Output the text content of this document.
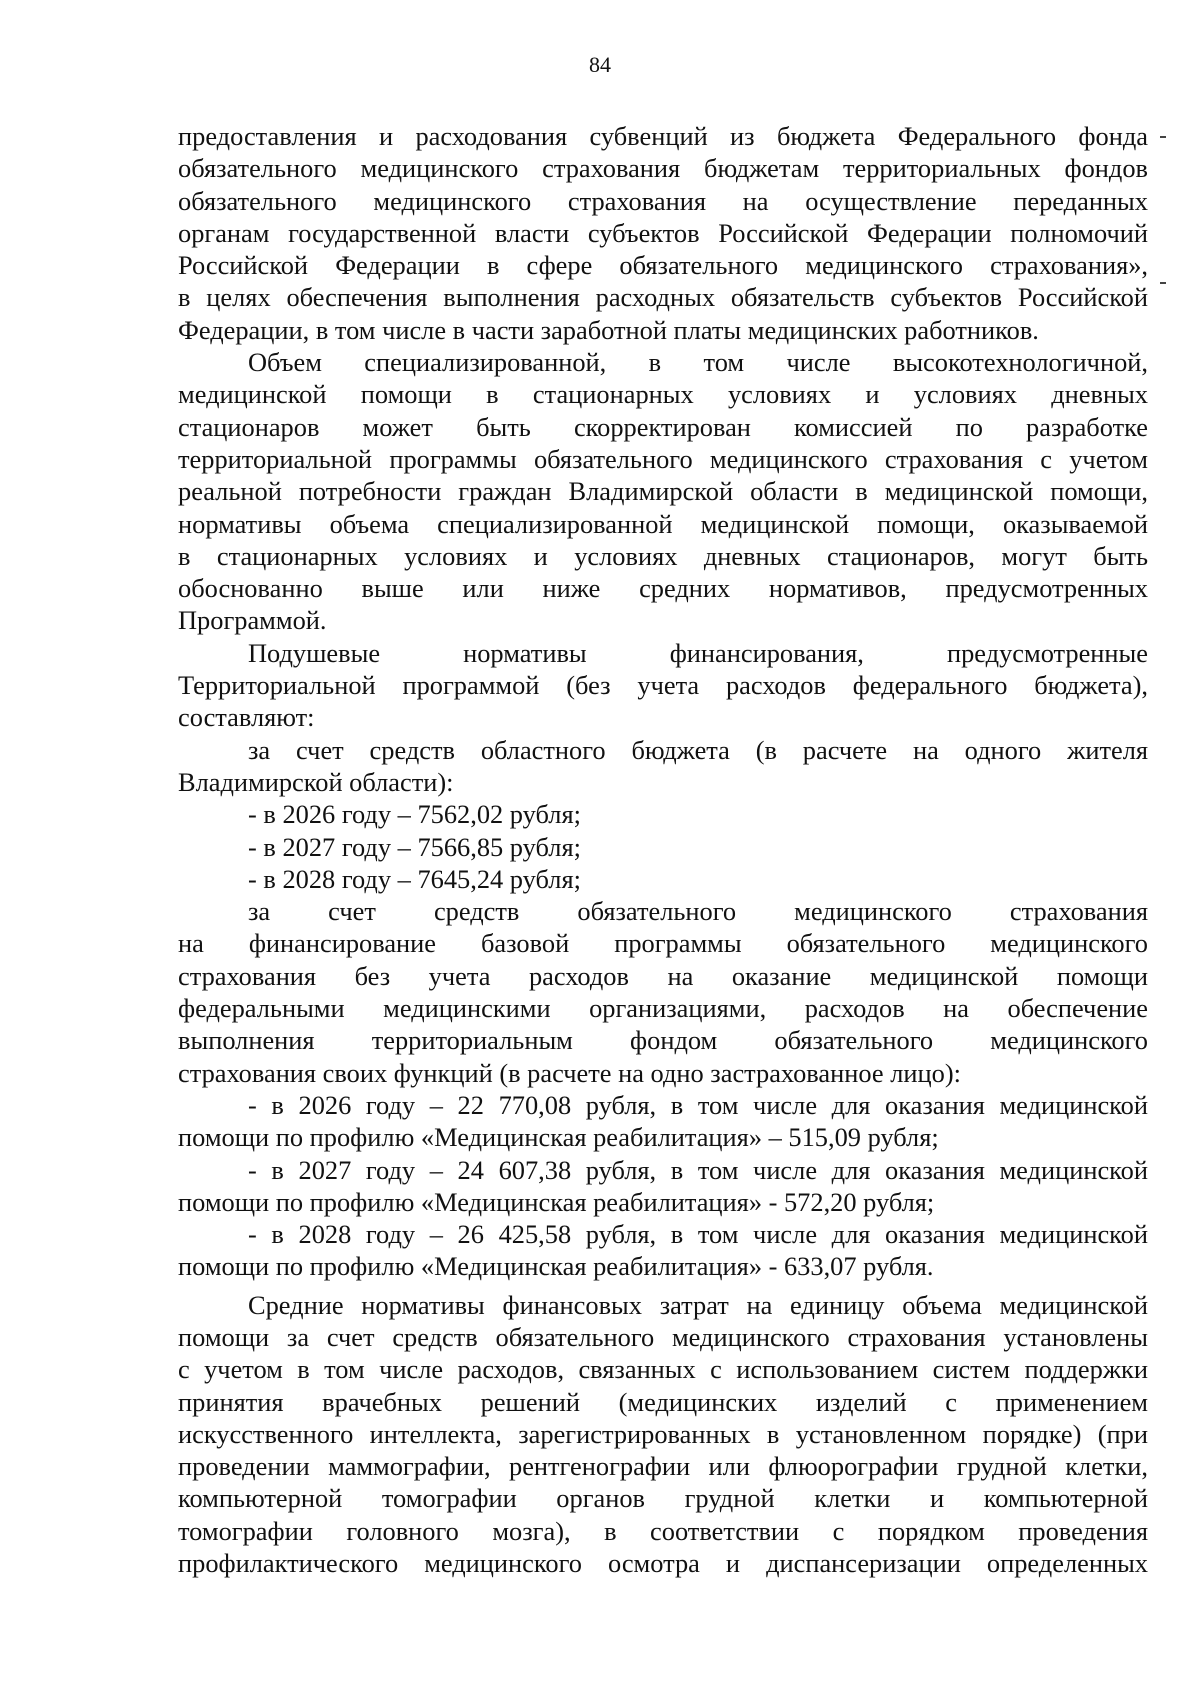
84
предоставления и расходования субвенций из бюджета Федерального фонда
обязательного медицинского страхования бюджетам территориальных фондов
обязательного медицинского страхования на осуществление переданных
органам государственной власти субъектов Российской Федерации полномочий
Российской Федерации в сфере обязательного медицинского страхования»,
в целях обеспечения выполнения расходных обязательств субъектов Российской
Федерации, в том числе в части заработной платы медицинских работников.
Объем специализированной, в том числе высокотехнологичной,
медицинской помощи в стационарных условиях и условиях дневных
стационаров может быть скорректирован комиссией по разработке
территориальной программы обязательного медицинского страхования с учетом
реальной потребности граждан Владимирской области в медицинской помощи,
нормативы объема специализированной медицинской помощи, оказываемой
в стационарных условиях и условиях дневных стационаров, могут быть
обоснованно выше или ниже средних нормативов, предусмотренных
Программой.
Подушевые нормативы финансирования, предусмотренные
Территориальной программой (без учета расходов федерального бюджета),
составляют:
за счет средств областного бюджета (в расчете на одного жителя
Владимирской области):
- в 2026 году – 7562,02 рубля;
- в 2027 году – 7566,85 рубля;
- в 2028 году – 7645,24 рубля;
за счет средств обязательного медицинского страхования
на финансирование базовой программы обязательного медицинского
страхования без учета расходов на оказание медицинской помощи
федеральными медицинскими организациями, расходов на обеспечение
выполнения территориальным фондом обязательного медицинского
страхования своих функций (в расчете на одно застрахованное лицо):
- в 2026 году – 22 770,08 рубля, в том числе для оказания медицинской
помощи по профилю «Медицинская реабилитация» – 515,09 рубля;
- в 2027 году – 24 607,38 рубля, в том числе для оказания медицинской
помощи по профилю «Медицинская реабилитация» - 572,20 рубля;
- в 2028 году – 26 425,58 рубля, в том числе для оказания медицинской
помощи по профилю «Медицинская реабилитация» - 633,07 рубля.
Средние нормативы финансовых затрат на единицу объема медицинской
помощи за счет средств обязательного медицинского страхования установлены
с учетом в том числе расходов, связанных с использованием систем поддержки
принятия врачебных решений (медицинских изделий с применением
искусственного интеллекта, зарегистрированных в установленном порядке) (при
проведении маммографии, рентгенографии или флюорографии грудной клетки,
компьютерной томографии органов грудной клетки и компьютерной
томографии головного мозга), в соответствии с порядком проведения
профилактического медицинского осмотра и диспансеризации определенных
